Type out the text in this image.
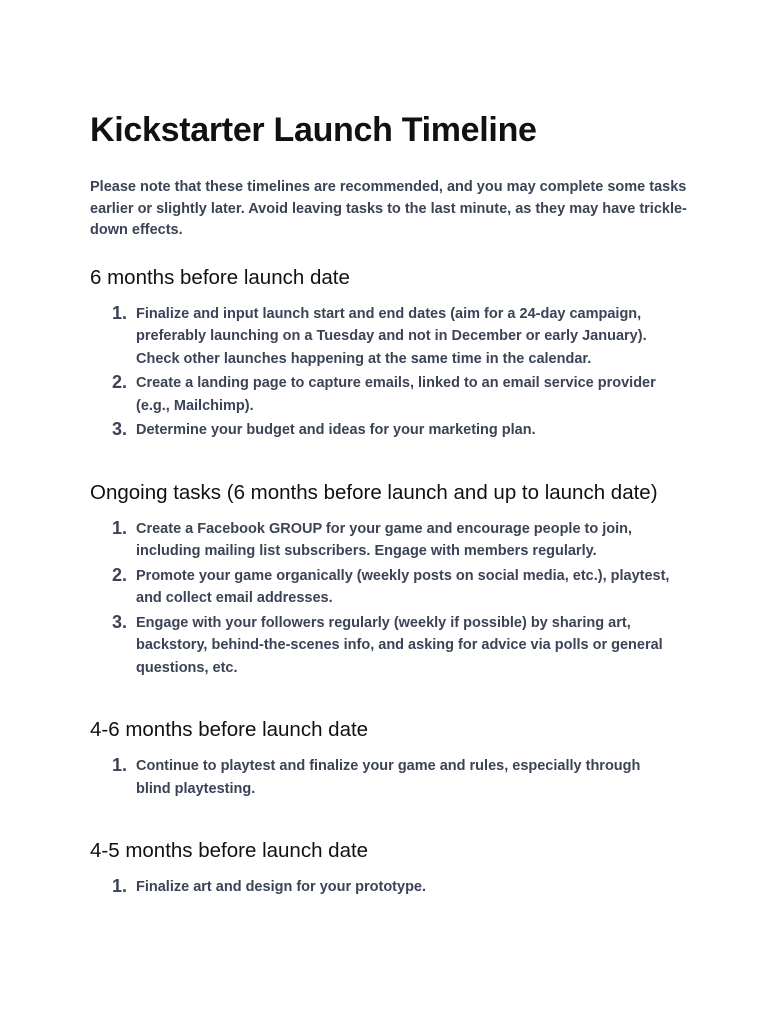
Kickstarter Launch Timeline

Please note that these timelines are recommended, and you may complete some tasks earlier or slightly later. Avoid leaving tasks to the last minute, as they may have trickle-down effects.

6 months before launch date
1. Finalize and input launch start and end dates (aim for a 24-day campaign, preferably launching on a Tuesday and not in December or early January). Check other launches happening at the same time in the calendar.
2. Create a landing page to capture emails, linked to an email service provider (e.g., Mailchimp).
3. Determine your budget and ideas for your marketing plan.
Ongoing tasks (6 months before launch and up to launch date)
1. Create a Facebook GROUP for your game and encourage people to join, including mailing list subscribers. Engage with members regularly.
2. Promote your game organically (weekly posts on social media, etc.), playtest, and collect email addresses.
3. Engage with your followers regularly (weekly if possible) by sharing art, backstory, behind-the-scenes info, and asking for advice via polls or general questions, etc.
4-6 months before launch date
1. Continue to playtest and finalize your game and rules, especially through blind playtesting.
4-5 months before launch date
1. Finalize art and design for your prototype.
